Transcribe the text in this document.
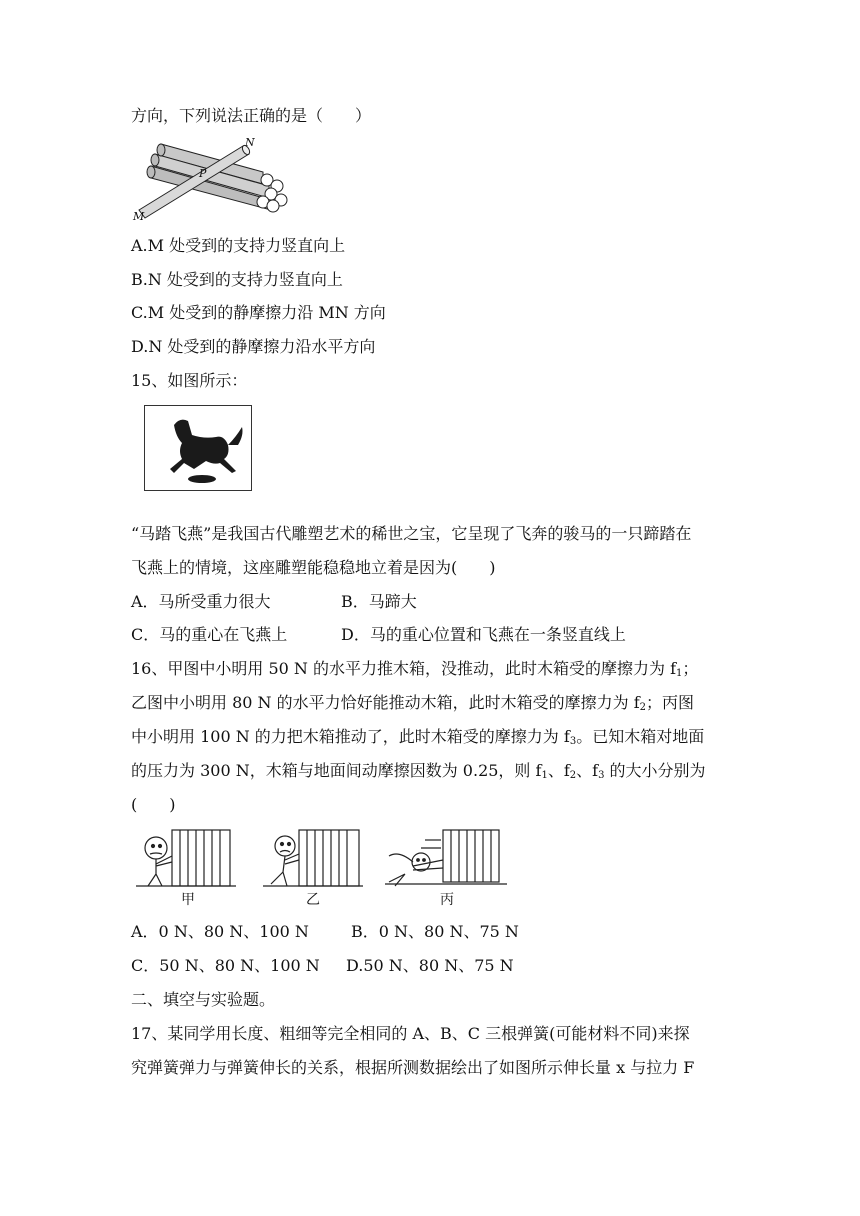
方向，下列说法正确的是（　　）
N
P
M
A.M 处受到的支持力竖直向上
B.N 处受到的支持力竖直向上
C.M 处受到的静摩擦力沿 MN 方向
D.N 处受到的静摩擦力沿水平方向
15、如图所示：
“马踏飞燕”是我国古代雕塑艺术的稀世之宝，它呈现了飞奔的骏马的一只蹄踏在
飞燕上的情境，这座雕塑能稳稳地立着是因为(　　)
A．马所受重力很大	B．马蹄大
C．马的重心在飞燕上	D．马的重心位置和飞燕在一条竖直线上
16、甲图中小明用 50 N 的水平力推木箱，没推动，此时木箱受的摩擦力为 $f_1$；
乙图中小明用 80 N 的水平力恰好能推动木箱，此时木箱受的摩擦力为 $f_2$；丙图
中小明用 100 N 的力把木箱推动了，此时木箱受的摩擦力为 $f_3$。已知木箱对地面
的压力为 300 N，木箱与地面间动摩擦因数为 0.25，则 $f_1$、$f_2$、$f_3$ 的大小分别为
(　　)
甲	乙	丙
A．0 N、80 N、100 N	B．0 N、80 N、75 N
C．50 N、80 N、100 N D.50 N、80 N、75 N
二、填空与实验题。
17、某同学用长度、粗细等完全相同的 A、B、C 三根弹簧(可能材料不同)来探
究弹簧弹力与弹簧伸长的关系，根据所测数据绘出了如图所示伸长量 x 与拉力 F
